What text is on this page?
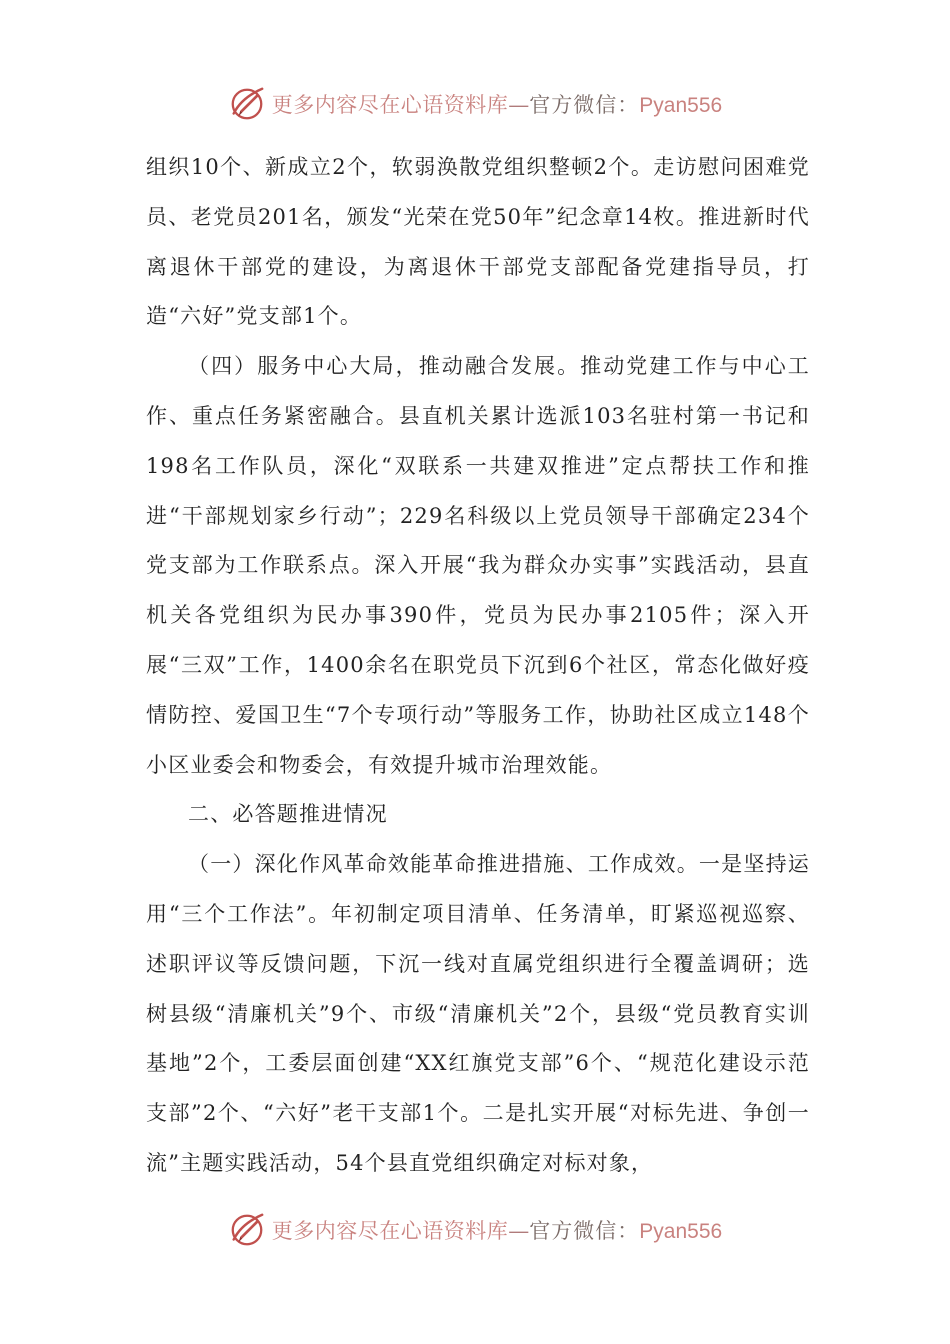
更多内容尽在心语资料库 — 官方微信： Pyan556

组织10个、新成立2个，软弱涣散党组织整顿2个。走访慰问困难党员、老党员201名，颁发“光荣在党50年”纪念章14枚。推进新时代离退休干部党的建设，为离退休干部党支部配备党建指导员，打造“六好”党支部1个。

（四）服务中心大局，推动融合发展。推动党建工作与中心工作、重点任务紧密融合。县直机关累计选派103名驻村第一书记和198名工作队员，深化“双联系一共建双推进”定点帮扶工作和推进“干部规划家乡行动”；229名科级以上党员领导干部确定234个党支部为工作联系点。深入开展“我为群众办实事”实践活动，县直机关各党组织为民办事390件，党员为民办事2105件；深入开展“三双”工作，1400余名在职党员下沉到6个社区，常态化做好疫情防控、爱国卫生“7个专项行动”等服务工作，协助社区成立148个小区业委会和物委会，有效提升城市治理效能。

二、必答题推进情况

（一）深化作风革命效能革命推进措施、工作成效。一是坚持运用“三个工作法”。年初制定项目清单、任务清单，盯紧巡视巡察、述职评议等反馈问题，下沉一线对直属党组织进行全覆盖调研；选树县级“清廉机关”9个、市级“清廉机关”2个，县级“党员教育实训基地”2个，工委层面创建“XX红旗党支部”6个、“规范化建设示范支部”2个、“六好”老干支部1个。二是扎实开展“对标先进、争创一流”主题实践活动，54个县直党组织确定对标对象，

更多内容尽在心语资料库 — 官方微信： Pyan556
